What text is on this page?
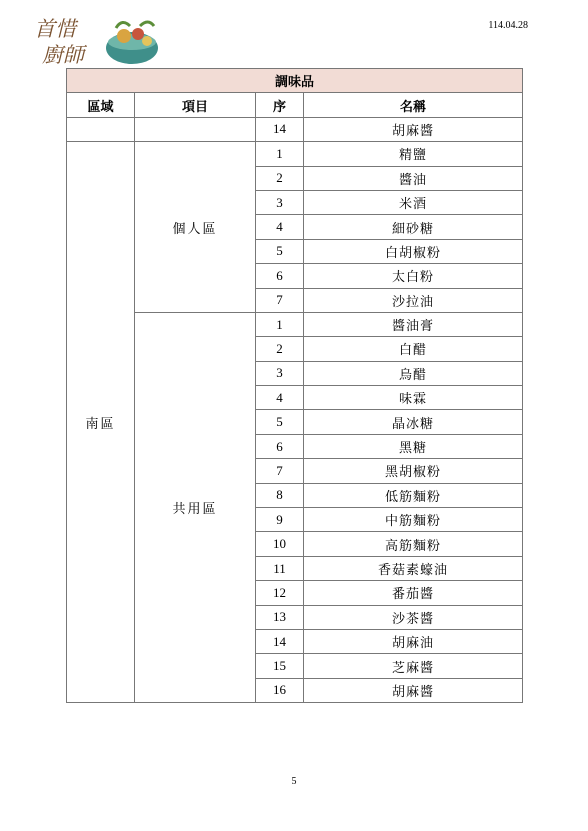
首惜
廚師
114.04.28
調味品			
區域	項目	序	名稱
		14	胡麻醬
南區	個人區	1	精鹽
		2	醬油
		3	米酒
		4	細砂糖
		5	白胡椒粉
		6	太白粉
		7	沙拉油
	共用區	1	醬油膏
		2	白醋
		3	烏醋
		4	味霖
		5	晶冰糖
		6	黑糖
		7	黑胡椒粉
		8	低筋麵粉
		9	中筋麵粉
		10	高筋麵粉
		11	香菇素蠔油
		12	番茄醬
		13	沙茶醬
		14	胡麻油
		15	芝麻醬
		16	胡麻醬
5
